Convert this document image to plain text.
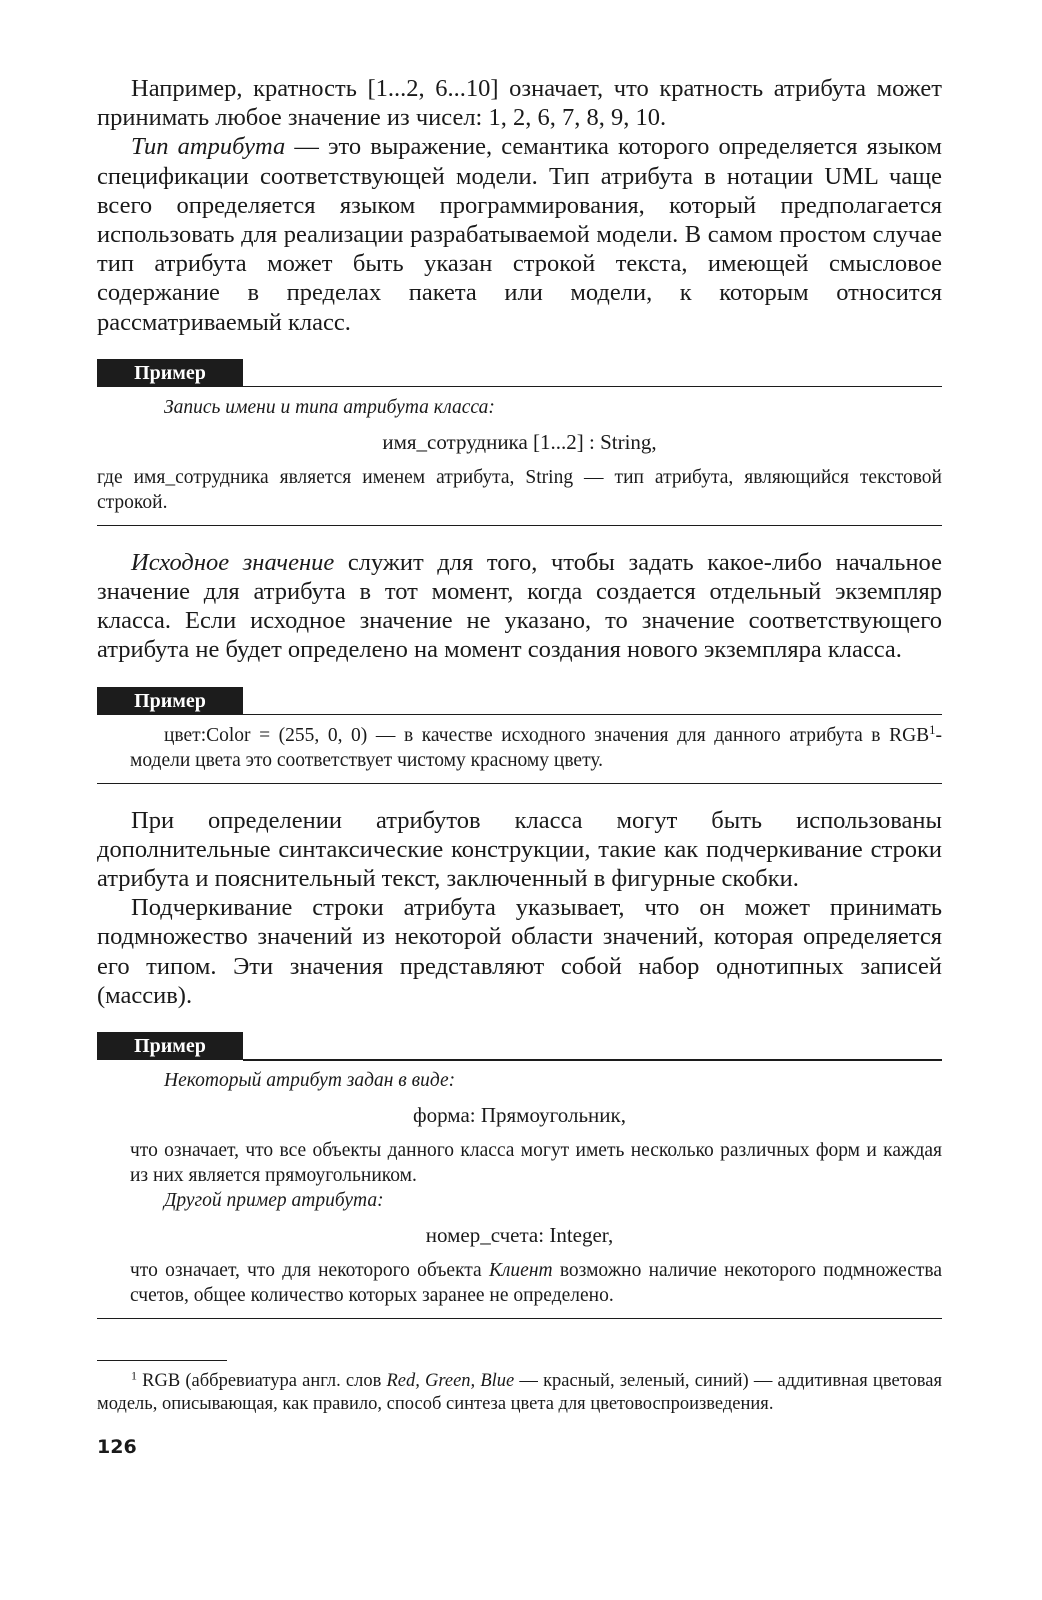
Например, кратность [1...2, 6...10] означает, что кратность атрибута может принимать любое значение из чисел: 1, 2, 6, 7, 8, 9, 10.

Тип атрибута — это выражение, семантика которого определяется языком спецификации соответствующей модели. Тип атрибута в нотации UML чаще всего определяется языком программирования, который предполагается использовать для реализации разрабатываемой модели. В самом простом случае тип атрибута может быть указан строкой текста, имеющей смысловое содержание в пределах пакета или модели, к которым относится рассматриваемый класс.

Пример
Запись имени и типа атрибута класса:
имя_сотрудника [1...2] : String,
где имя_сотрудника является именем атрибута, String — тип атрибута, являющийся текстовой строкой.

Исходное значение служит для того, чтобы задать какое-либо начальное значение для атрибута в тот момент, когда создается отдельный экземпляр класса. Если исходное значение не указано, то значение соответствующего атрибута не будет определено на момент создания нового экземпляра класса.

Пример
цвет:Color = (255, 0, 0) — в качестве исходного значения для данного атрибута в RGB$^1$-модели цвета это соответствует чистому красному цвету.

При определении атрибутов класса могут быть использованы дополнительные синтаксические конструкции, такие как подчеркивание строки атрибута и пояснительный текст, заключенный в фигурные скобки.

Подчеркивание строки атрибута указывает, что он может принимать подмножество значений из некоторой области значений, которая определяется его типом. Эти значения представляют собой набор однотипных записей (массив).

Пример
Некоторый атрибут задан в виде:
форма: Прямоугольник,
что означает, что все объекты данного класса могут иметь несколько различных форм и каждая из них является прямоугольником.
Другой пример атрибута:
номер_счета: Integer,
что означает, что для некоторого объекта Клиент возможно наличие некоторого подмножества счетов, общее количество которых заранее не определено.
$^1$ RGB (аббревиатура англ. слов Red, Green, Blue — красный, зеленый, синий) — аддитивная цветовая модель, описывающая, как правило, способ синтеза цвета для цветовоспроизведения.
126
